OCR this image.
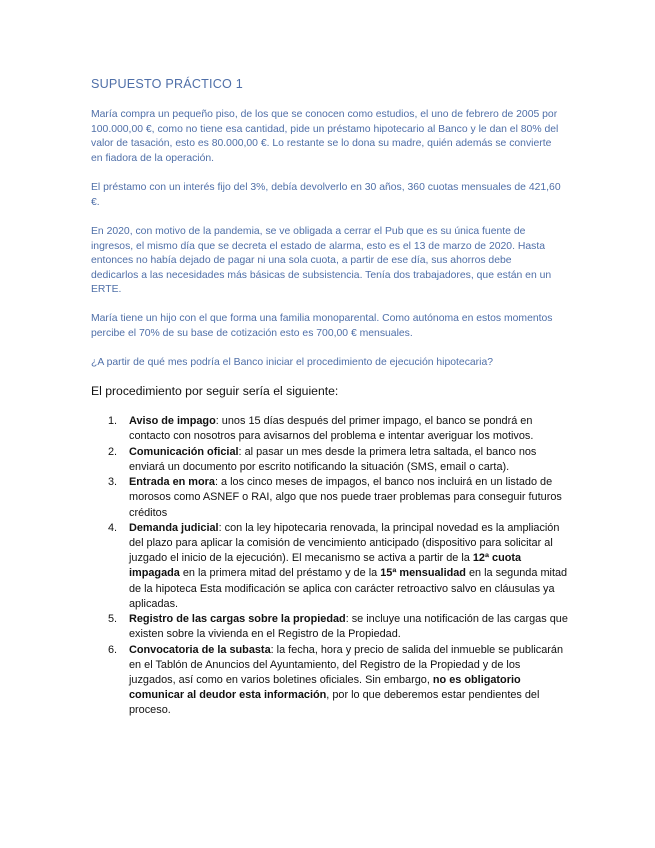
SUPUESTO PRÁCTICO 1

María compra un pequeño piso, de los que se conocen como estudios, el uno de febrero de 2005 por 100.000,00 €, como no tiene esa cantidad, pide un préstamo hipotecario al Banco y le dan el 80% del valor de tasación, esto es 80.000,00 €. Lo restante se lo dona su madre, quién además se convierte en fiadora de la operación.

El préstamo con un interés fijo del 3%, debía devolverlo en 30 años, 360 cuotas mensuales de 421,60 €.

En 2020, con motivo de la pandemia, se ve obligada a cerrar el Pub que es su única fuente de ingresos, el mismo día que se decreta el estado de alarma, esto es el 13 de marzo de 2020. Hasta entonces no había dejado de pagar ni una sola cuota, a partir de ese día, sus ahorros debe dedicarlos a las necesidades más básicas de subsistencia. Tenía dos trabajadores, que están en un ERTE.

María tiene un hijo con el que forma una familia monoparental. Como autónoma en estos momentos percibe el 70% de su base de cotización esto es 700,00 € mensuales.

¿A partir de qué mes podría el Banco iniciar el procedimiento de ejecución hipotecaria?

El procedimiento por seguir sería el siguiente:
1. Aviso de impago: unos 15 días después del primer impago, el banco se pondrá en contacto con nosotros para avisarnos del problema e intentar averiguar los motivos.
2. Comunicación oficial: al pasar un mes desde la primera letra saltada, el banco nos enviará un documento por escrito notificando la situación (SMS, email o carta).
3. Entrada en mora: a los cinco meses de impagos, el banco nos incluirá en un listado de morosos como ASNEF o RAI, algo que nos puede traer problemas para conseguir futuros créditos
4. Demanda judicial: con la ley hipotecaria renovada, la principal novedad es la ampliación del plazo para aplicar la comisión de vencimiento anticipado (dispositivo para solicitar al juzgado el inicio de la ejecución). El mecanismo se activa a partir de la 12ª cuota impagada en la primera mitad del préstamo y de la 15ª mensualidad en la segunda mitad de la hipoteca Esta modificación se aplica con carácter retroactivo salvo en cláusulas ya aplicadas.
5. Registro de las cargas sobre la propiedad: se incluye una notificación de las cargas que existen sobre la vivienda en el Registro de la Propiedad.
6. Convocatoria de la subasta: la fecha, hora y precio de salida del inmueble se publicarán en el Tablón de Anuncios del Ayuntamiento, del Registro de la Propiedad y de los juzgados, así como en varios boletines oficiales. Sin embargo, no es obligatorio comunicar al deudor esta información, por lo que deberemos estar pendientes del proceso.
